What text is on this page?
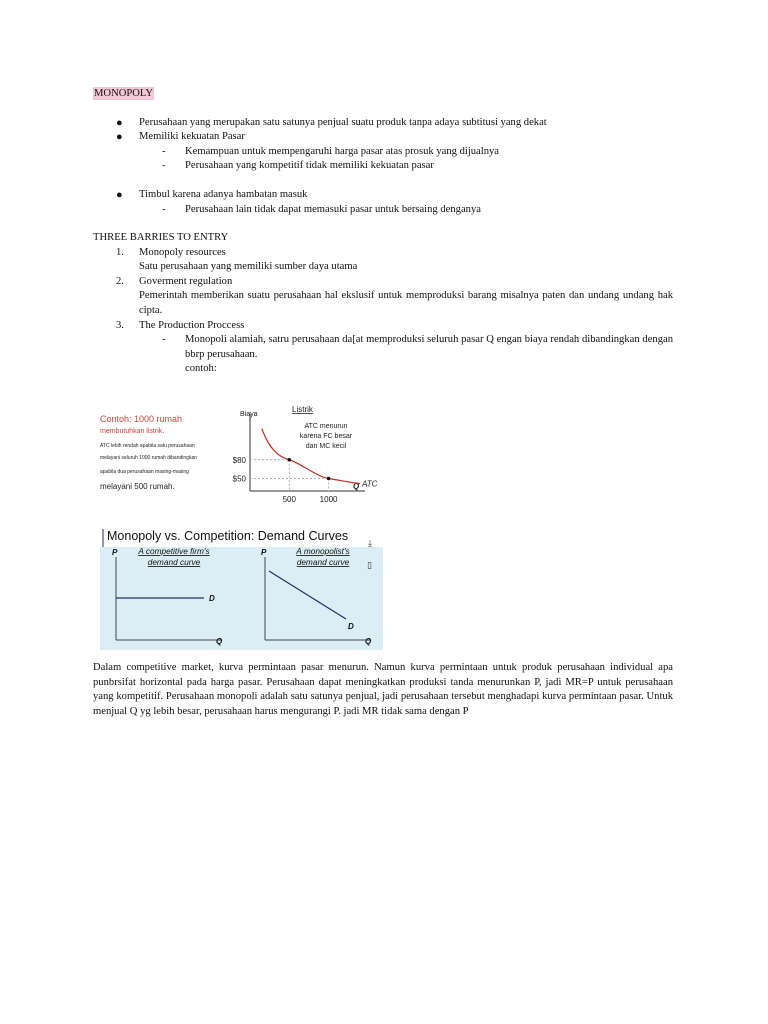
MONOPOLY
● Perusahaan yang merupakan satu satunya penjual suatu produk tanpa adaya subtitusi yang dekat
● Memiliki kekuatan Pasar
- Kemampuan untuk mempengaruhi harga pasar atas prosuk yang dijualnya
- Perusahaan yang kompetitif tidak memiliki kekuatan pasar
● Timbul karena adanya hambatan masuk
- Perusahaan lain tidak dapat memasuki pasar untuk bersaing denganya
THREE BARRIES TO ENTRY
1. Monopoly resources
Satu perusahaan yang memiliki sumber daya utama
2. Goverment regulation
Pemerintah memberikan suatu perusahaan hal ekslusif untuk memproduksi barang misalnya paten dan undang undang hak cipta.
3. The Production Proccess
- Monopoli alamiah, satru perusahaan da[at memproduksi seluruh pasar Q engan biaya rendah dibandingkan dengan bbrp perusahaan.
contoh:
Contoh: 1000 rumah
membutuhkan listrik.
ATC lebih rendah apabila satu perusahaan
melayani seluruh 1000 rumah dibandingkan
apabila dua perusahaan masing-masing
melayani 500 rumah.
Biaya
Q
Listrik
ATC menurun
karena FC besar
dan MC kecil
ATC
$80
500
$50
1000
Monopoly vs. Competition: Demand Curves ⤓
▯
P
Q
A competitive firm's
demand curve
D
P
Q
A monopolist's
demand curve
D
Dalam competitive market, kurva permintaan pasar menurun. Namun kurva permintaan untuk produk perusahaan individual apa punbrsifat horizontal pada harga pasar. Perusahaan dapat meningkatkan produksi tanda menurunkan P, jadi MR=P untuk perusahaan yang kompetitif. Perusahaan monopoli adalah satu satunya penjual, jadi perusahaan tersebut menghadapi kurva permintaan pasar. Untuk menjual Q yg lebih besar, perusahaan harus mengurangi P. jadi MR tidak sama dengan P
